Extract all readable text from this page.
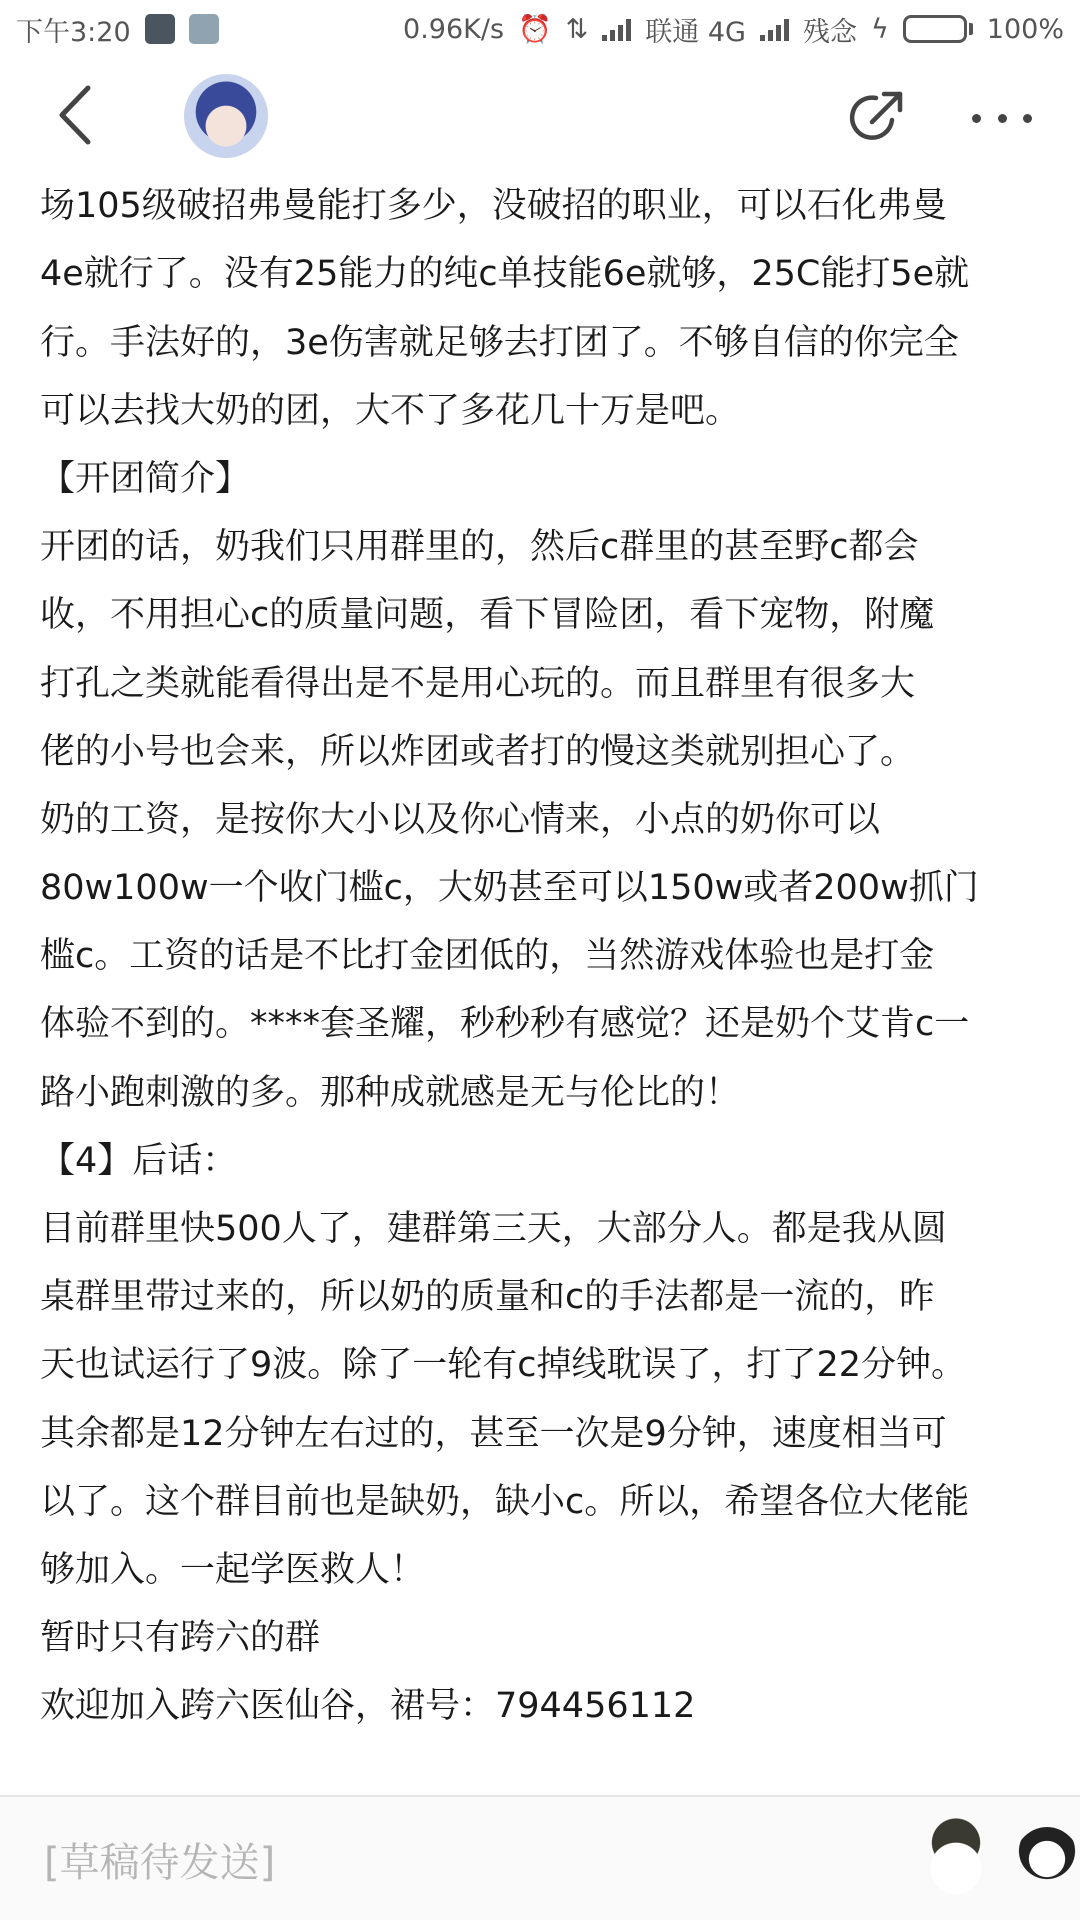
下午3:20	0.96K/s ⏰ ⇅ 联通 4G 残念 ϟ	100%
场105级破招弗曼能打多少，没破招的职业，可以石化弗曼
4e就行了。没有25能力的纯c单技能6e就够，25C能打5e就
行。手法好的，3e伤害就足够去打团了。不够自信的你完全
可以去找大奶的团，大不了多花几十万是吧。
【开团简介】
开团的话，奶我们只用群里的，然后c群里的甚至野c都会
收，不用担心c的质量问题，看下冒险团，看下宠物，附魔
打孔之类就能看得出是不是用心玩的。而且群里有很多大
佬的小号也会来，所以炸团或者打的慢这类就别担心了。
奶的工资，是按你大小以及你心情来，小点的奶你可以
80w100w一个收门槛c，大奶甚至可以150w或者200w抓门
槛c。工资的话是不比打金团低的，当然游戏体验也是打金
体验不到的。****套圣耀，秒秒秒有感觉？还是奶个艾肯c一
路小跑刺激的多。那种成就感是无与伦比的！
【4】后话：
目前群里快500人了，建群第三天，大部分人。都是我从圆
桌群里带过来的，所以奶的质量和c的手法都是一流的，昨
天也试运行了9波。除了一轮有c掉线耽误了，打了22分钟。
其余都是12分钟左右过的，甚至一次是9分钟，速度相当可
以了。这个群目前也是缺奶，缺小c。所以，希望各位大佬能
够加入。一起学医救人！
暂时只有跨六的群
欢迎加入跨六医仙谷，裙号：794456112
[草稿待发送]
